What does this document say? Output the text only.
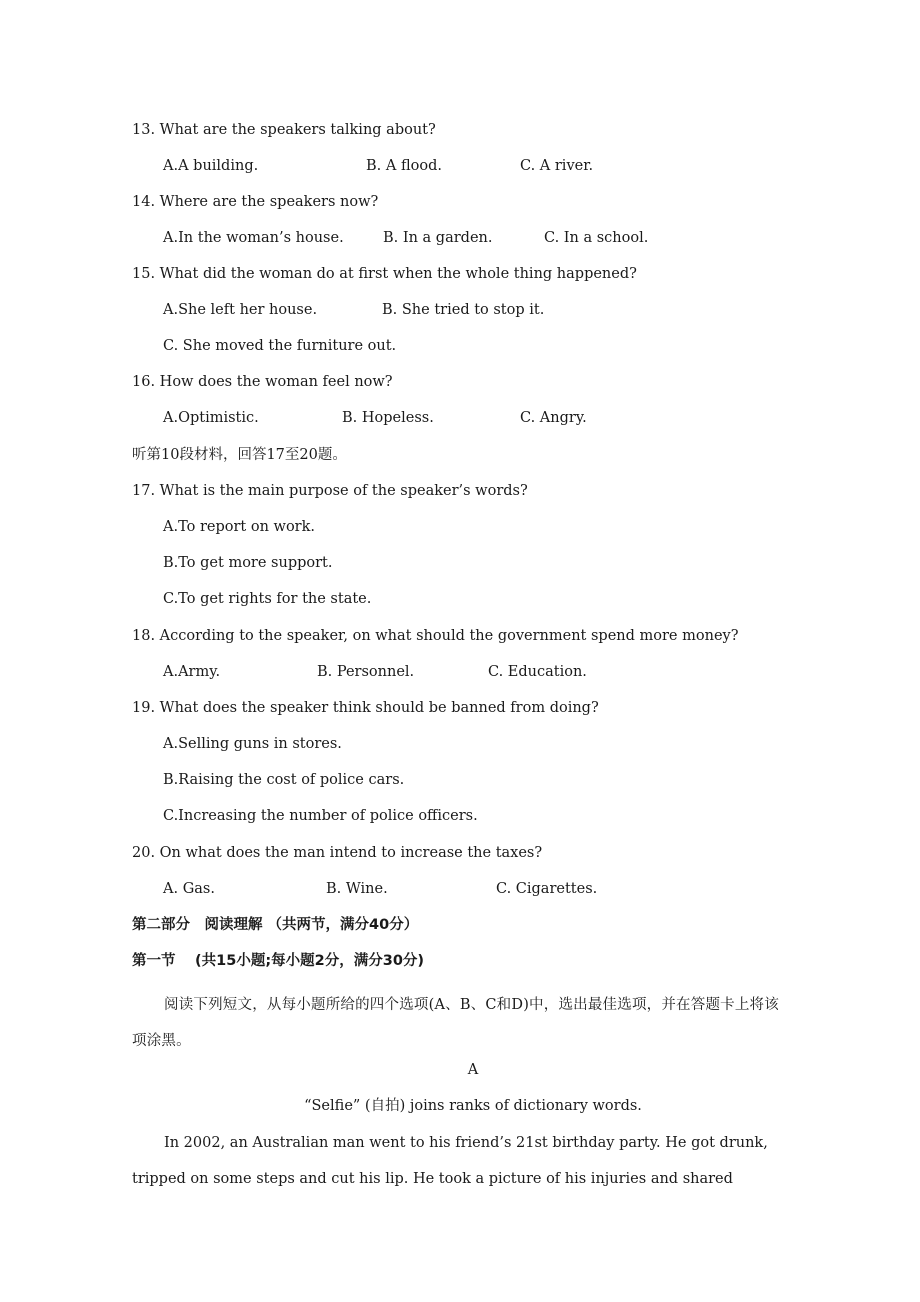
13. What are the speakers talking about?
A.A building.	B. A flood.	C. A river.
14. Where are the speakers now?
A.In the woman’s house.	B. In a garden.	C. In a school.
15. What did the woman do at first when the whole thing happened?
A.She left her house.	B. She tried to stop it.
C. She moved the furniture out.
16. How does the woman feel now?
A.Optimistic.	B. Hopeless.	C. Angry.
听第10段材料，回答17至20题。
17. What is the main purpose of the speaker’s words?
A.To report on work.
B.To get more support.
C.To get rights for the state.
18. According to the speaker, on what should the government spend more money?
A.Army.	B. Personnel.	C. Education.
19. What does the speaker think should be banned from doing?
A.Selling guns in stores.
B.Raising the cost of police cars.
C.Increasing the number of police officers.
20. On what does the man intend to increase the taxes?
A. Gas.	B. Wine.	C. Cigarettes.
第二部分　阅读理解 （共两节，满分40分）
第一节　 (共15小题;每小题2分，满分30分)
阅读下列短文，从每小题所给的四个选项(A、B、C和D)中，选出最佳选项，并在答题卡上将该项涂黑。
A
“Selfie” (自拍) joins ranks of dictionary words.
In 2002, an Australian man went to his friend’s 21st birthday party. He got drunk,
tripped on some steps and cut his lip. He took a picture of his injuries and shared
